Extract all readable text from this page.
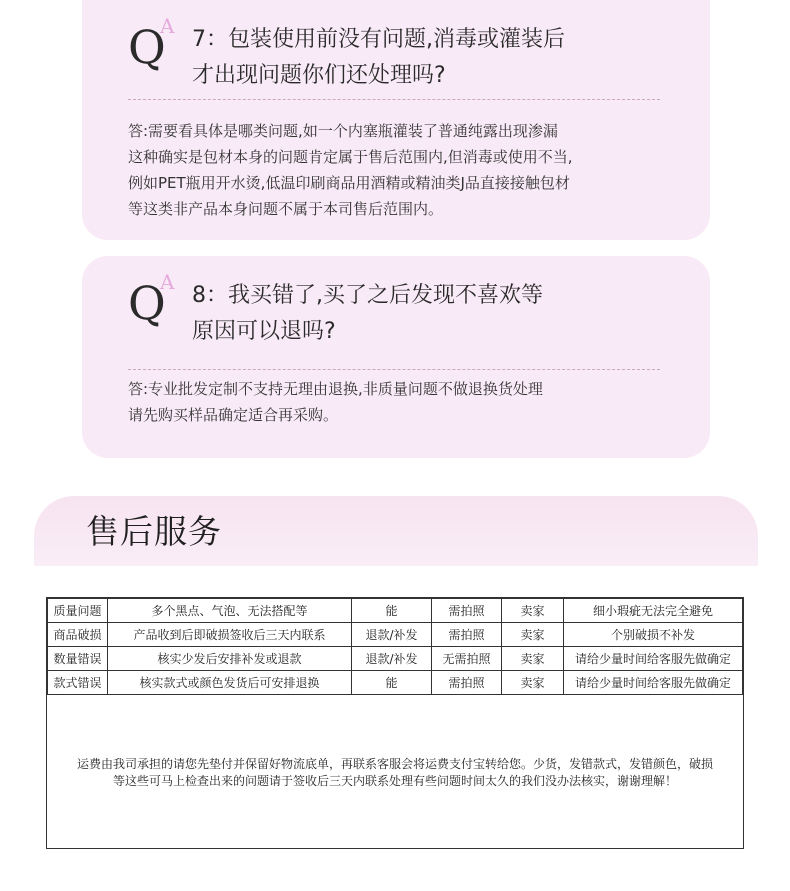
Q
A
7：包装使用前没有问题,消毒或灌装后
才出现问题你们还处理吗?
答:需要看具体是哪类问题,如一个内塞瓶灌装了普通纯露出现渗漏
这种确实是包材本身的问题肯定属于售后范围内,但消毒或使用不当,
例如PET瓶用开水烫,低温印刷商品用酒精或精油类J品直接接触包材
等这类非产品本身问题不属于本司售后范围内。
Q
A
8：我买错了,买了之后发现不喜欢等
原因可以退吗?
答:专业批发定制不支持无理由退换,非质量问题不做退换货处理
请先购买样品确定适合再采购。
售后服务
质量问题	多个黑点、气泡、无法搭配等	能	需拍照	卖家	细小瑕疵无法完全避免
商品破损	产品收到后即破损签收后三天内联系	退款/补发	需拍照	卖家	个别破损不补发
数量错误	核实少发后安排补发或退款	退款/补发	无需拍照	卖家	请给少量时间给客服先做确定
款式错误	核实款式或颜色发货后可安排退换	能	需拍照	卖家	请给少量时间给客服先做确定
运费由我司承担的请您先垫付并保留好物流底单，再联系客服会将运费支付宝转给您。少货，发错款式，发错颜色，破损
等这些可马上检查出来的问题请于签收后三天内联系处理有些问题时间太久的我们没办法核实，谢谢理解！
